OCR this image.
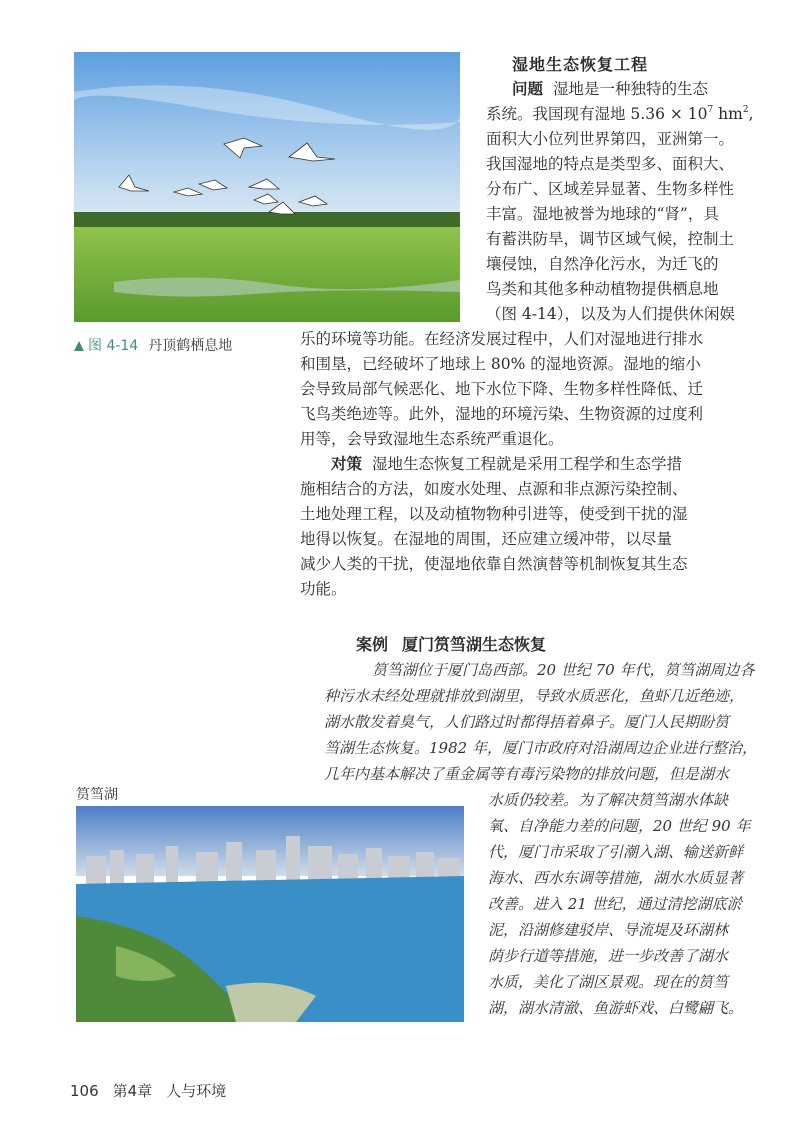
图 4-14 丹顶鹤栖息地
湿地生态恢复工程
问题 湿地是一种独特的生态
系统。我国现有湿地 $5.36 \times 10^7$ $hm^2$,
面积大小位列世界第四，亚洲第一。
我国湿地的特点是类型多、面积大、
分布广、区域差异显著、生物多样性
丰富。湿地被誉为地球的“肾”，具
有蓄洪防旱，调节区域气候，控制土
壤侵蚀，自然净化污水，为迁飞的
鸟类和其他多种动植物提供栖息地
（图 4-14），以及为人们提供休闲娱
乐的环境等功能。在经济发展过程中，人们对湿地进行排水
和围垦，已经破坏了地球上 80% 的湿地资源。湿地的缩小
会导致局部气候恶化、地下水位下降、生物多样性降低、迁
飞鸟类绝迹等。此外，湿地的环境污染、生物资源的过度利
用等，会导致湿地生态系统严重退化。
对策 湿地生态恢复工程就是采用工程学和生态学措
施相结合的方法，如废水处理、点源和非点源污染控制、
土地处理工程，以及动植物物种引进等，使受到干扰的湿
地得以恢复。在湿地的周围，还应建立缓冲带，以尽量
减少人类的干扰，使湿地依靠自然演替等机制恢复其生态
功能。
案例 厦门筼筜湖生态恢复
筼筜湖位于厦门岛西部。20 世纪 70 年代，筼筜湖周边各
种污水未经处理就排放到湖里，导致水质恶化，鱼虾几近绝迹，
湖水散发着臭气，人们路过时都得捂着鼻子。厦门人民期盼筼
筜湖生态恢复。1982 年，厦门市政府对沿湖周边企业进行整治，
几年内基本解决了重金属等有毒污染物的排放问题，但是湖水
水质仍较差。为了解决筼筜湖水体缺
氧、自净能力差的问题，20 世纪 90 年
代，厦门市采取了引潮入湖、输送新鲜
海水、西水东调等措施，湖水水质显著
改善。进入 21 世纪，通过清挖湖底淤
泥，沿湖修建驳岸、导流堤及环湖林
荫步行道等措施，进一步改善了湖水
水质，美化了湖区景观。现在的筼筜
湖，湖水清澈、鱼游虾戏、白鹭翩飞。
筼筜湖
106 第4章 人与环境
